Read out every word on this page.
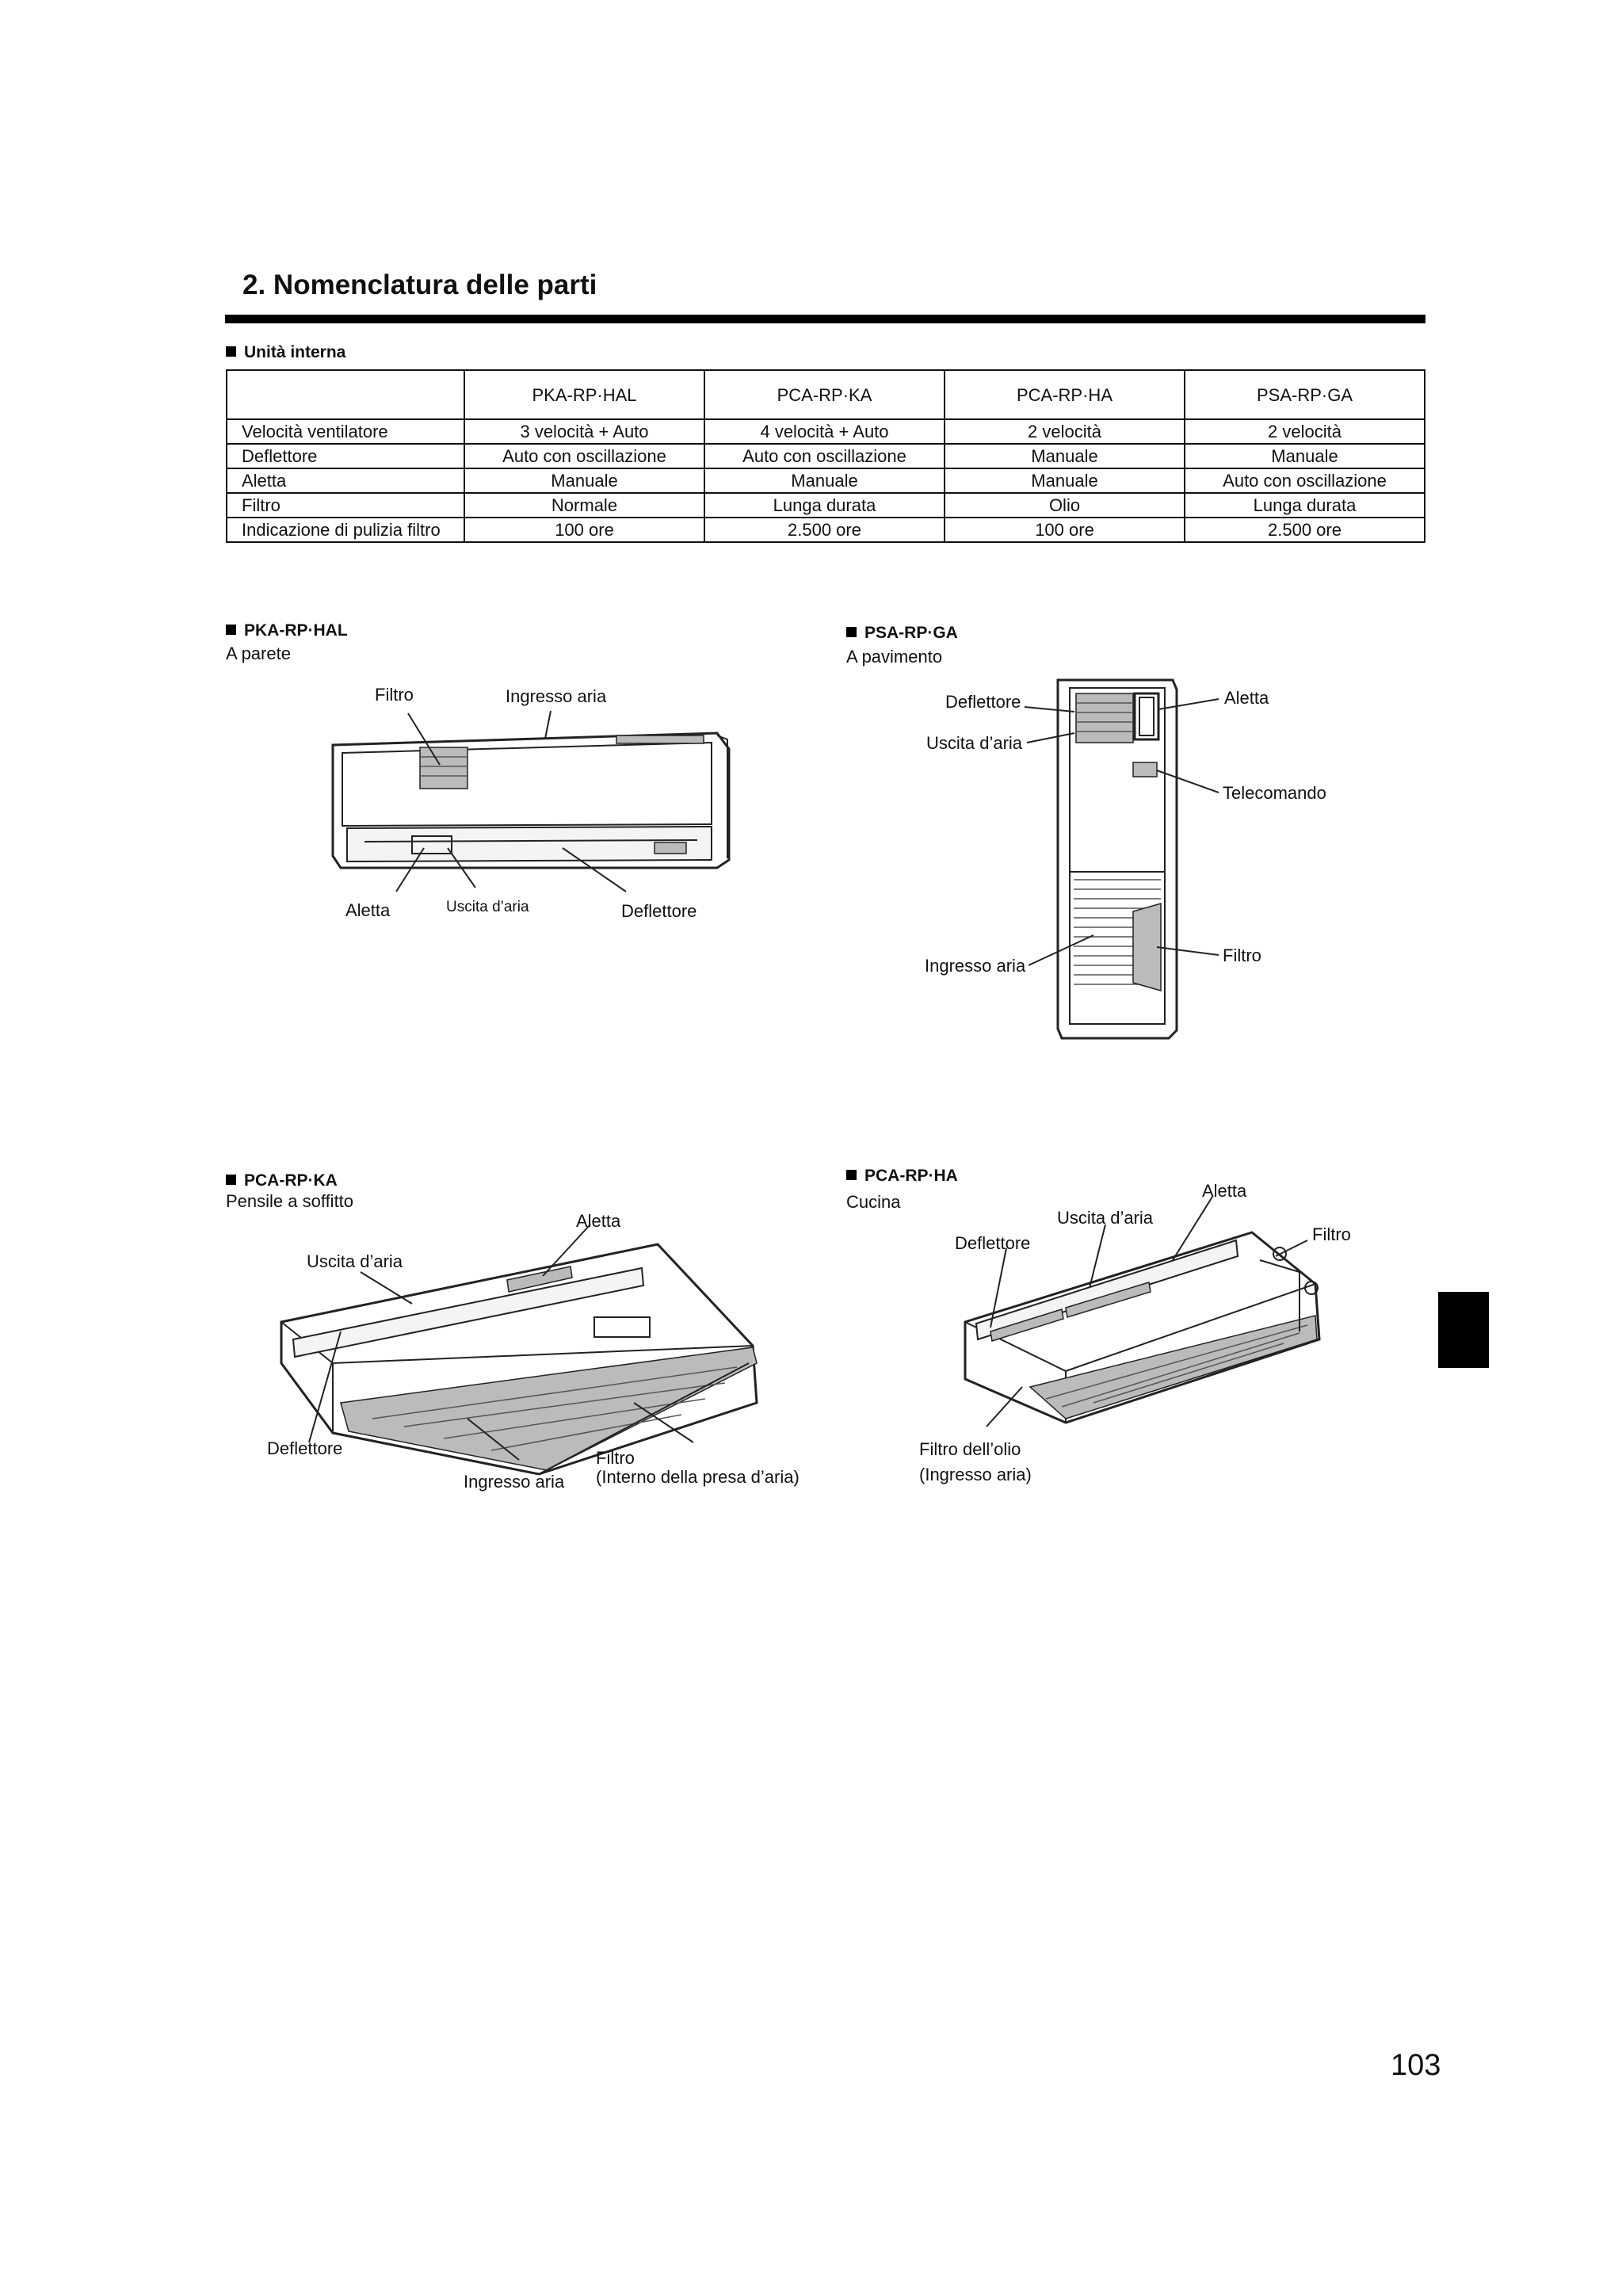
2. Nomenclatura delle parti
Unità interna
	PKA-RP·HAL	PCA-RP·KA	PCA-RP·HA	PSA-RP·GA
Velocità ventilatore	3 velocità + Auto	4 velocità + Auto	2 velocità	2 velocità
Deflettore	Auto con oscillazione	Auto con oscillazione	Manuale	Manuale
Aletta	Manuale	Manuale	Manuale	Auto con oscillazione
Filtro	Normale	Lunga durata	Olio	Lunga durata
Indicazione di pulizia filtro	100 ore	2.500 ore	100 ore	2.500 ore
PKA-RP·HAL
A parete
Filtro	Ingresso aria
Aletta	Uscita d’aria	Deflettore
PSA-RP·GA
A pavimento
Deflettore	Aletta
Uscita d’aria
Telecomando
Ingresso aria
Filtro
PCA-RP·KA
Pensile a soffitto
Aletta
Uscita d’aria
Deflettore
Ingresso aria
Filtro
(Interno della presa d’aria)
PCA-RP·HA
Cucina
Aletta
Uscita d’aria
Filtro
Deflettore
Filtro dell’olio
(Ingresso aria)
103
